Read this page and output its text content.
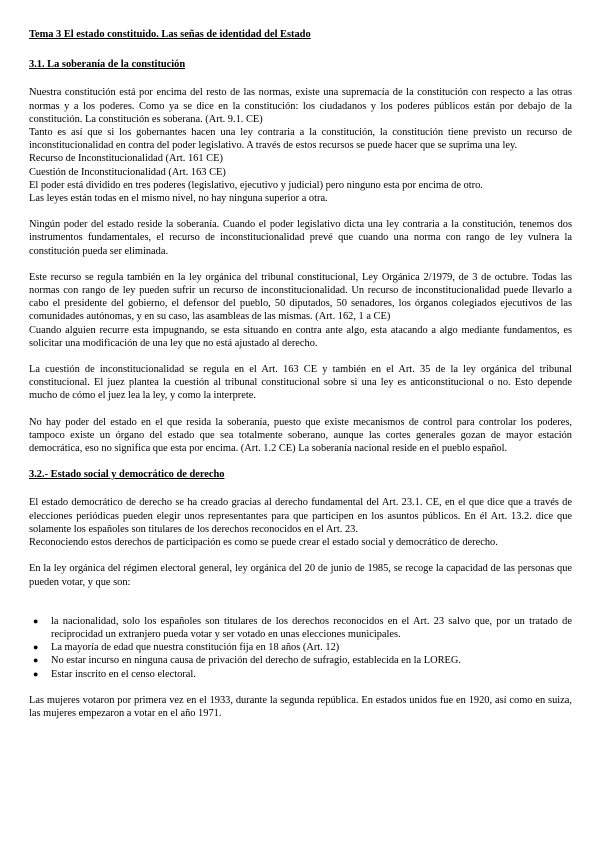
Tema 3 El estado constituido. Las señas de identidad del Estado
3.1. La soberanía de la constitución

Nuestra constitución está por encima del resto de las normas, existe una supremacía de la constitución con respecto a las otras normas y a los poderes. Como ya se dice en la constitución: los ciudadanos y los poderes públicos están por debajo de la constitución. La constitución es soberana. (Art. 9.1. CE)

Tanto es así que si los gobernantes hacen una ley contraria a la constitución, la constitución tiene previsto un recurso de inconstitucionalidad en contra del poder legislativo. A través de estos recursos se puede hacer que se suprima una ley.

Recurso de Inconstitucionalidad (Art. 161 CE)

Cuestión de Inconstitucionalidad (Art. 163 CE)

El poder está dividido en tres poderes (legislativo, ejecutivo y judicial) pero ninguno esta por encima de otro.

Las leyes están todas en el mismo nivel, no hay ninguna superior a otra.

Ningún poder del estado reside la soberanía. Cuando el poder legislativo dicta una ley contraria a la constitución, tenemos dos instrumentos fundamentales, el recurso de inconstitucionalidad prevé que cuando una norma con rango de ley vulnera la constitución pueda ser eliminada.

Este recurso se regula también en la ley orgánica del tribunal constitucional, Ley Orgánica 2/1979, de 3 de octubre. Todas las normas con rango de ley pueden sufrir un recurso de inconstitucionalidad. Un recurso de inconstitucionalidad puede llevarlo a cabo el presidente del gobierno, el defensor del pueblo, 50 diputados, 50 senadores, los órganos colegiados ejecutivos de las comunidades autónomas, y en su caso, las asambleas de las mismas. (Art. 162, 1 a CE)

Cuando alguien recurre esta impugnando, se esta situando en contra ante algo, esta atacando a algo mediante fundamentos, es solicitar una modificación de una ley que no está ajustado al derecho.

La cuestión de inconstitucionalidad se regula en el Art. 163 CE y también en el Art. 35 de la ley orgánica del tribunal constitucional. El juez plantea la cuestión al tribunal constitucional sobre si una ley es anticonstitucional o no. Esto depende mucho de cómo el juez lea la ley, y como la interprete.

No hay poder del estado en el que resida la soberanía, puesto que existe mecanismos de control para controlar los poderes, tampoco existe un órgano del estado que sea totalmente soberano, aunque las cortes generales gozan de mayor estación democrática, eso no significa que esta por encima. (Art. 1.2 CE) La soberanía nacional reside en el pueblo español.

3.2.- Estado social y democrático de derecho

El estado democrático de derecho se ha creado gracias al derecho fundamental del Art. 23.1. CE, en el que dice que a través de elecciones periódicas pueden elegir unos representantes para que participen en los asuntos públicos. En él Art. 13.2. dice que solamente los españoles son titulares de los derechos reconocidos en el Art. 23.

Reconociendo estos derechos de participación es como se puede crear el estado social y democrático de derecho.

En la ley orgánica del régimen electoral general, ley orgánica del 20 de junio de 1985, se recoge la capacidad de las personas que pueden votar, y que son:

● la nacionalidad, solo los españoles son titulares de los derechos reconocidos en el Art. 23 salvo que, por un tratado de reciprocidad un extranjero pueda votar y ser votado en unas elecciones municipales.
● La mayoría de edad que nuestra constitución fija en 18 años (Art. 12)
● No estar incurso en ninguna causa de privación del derecho de sufragio, establecida en la LOREG.
● Estar inscrito en el censo electoral.

Las mujeres votaron por primera vez en el 1933, durante la segunda república. En estados unidos fue en 1920, así como en suiza, las mujeres empezaron a votar en el año 1971.
